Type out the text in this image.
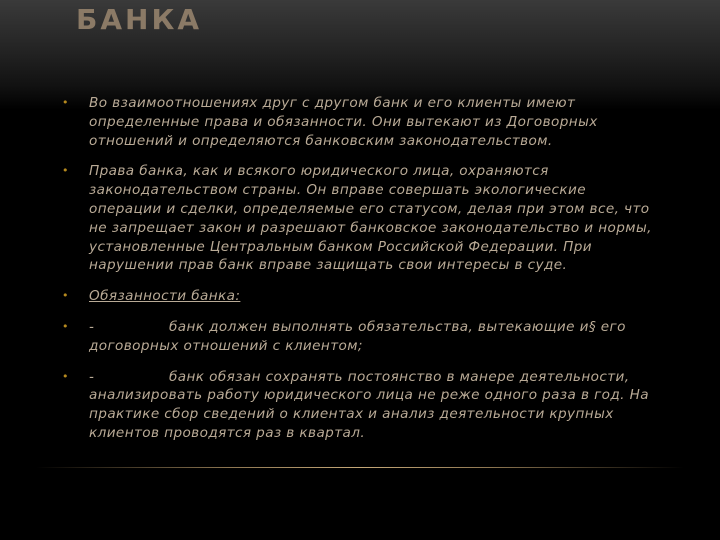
БАНКА
• Во взаимоотношениях друг с другом банк и его клиенты имеют определенные права и обязанности. Они вытекают из Договорных отношений и определяются банковским законодательством.

• Права банка, как и всякого юридического лица, охраняются законодательством страны. Он вправе совершать экологические операции и сделки, определяемые его статусом, делая при этом все, что не запрещает закон и разрешают банковское законодательство и нормы, установленные Центральным банком Российской Федерации. При нарушении прав банк вправе защищать свои интересы в суде.

• Обязанности банка:

• -	банк должен выполнять обязательства, вытекающие и§ его договорных отношений с клиентом;

• -	банк обязан сохранять постоянство в манере деятельности, анализировать работу юридического лица не реже одного раза в год. На практике сбор сведений о клиентах и анализ деятельности крупных клиентов проводятся раз в квартал.
